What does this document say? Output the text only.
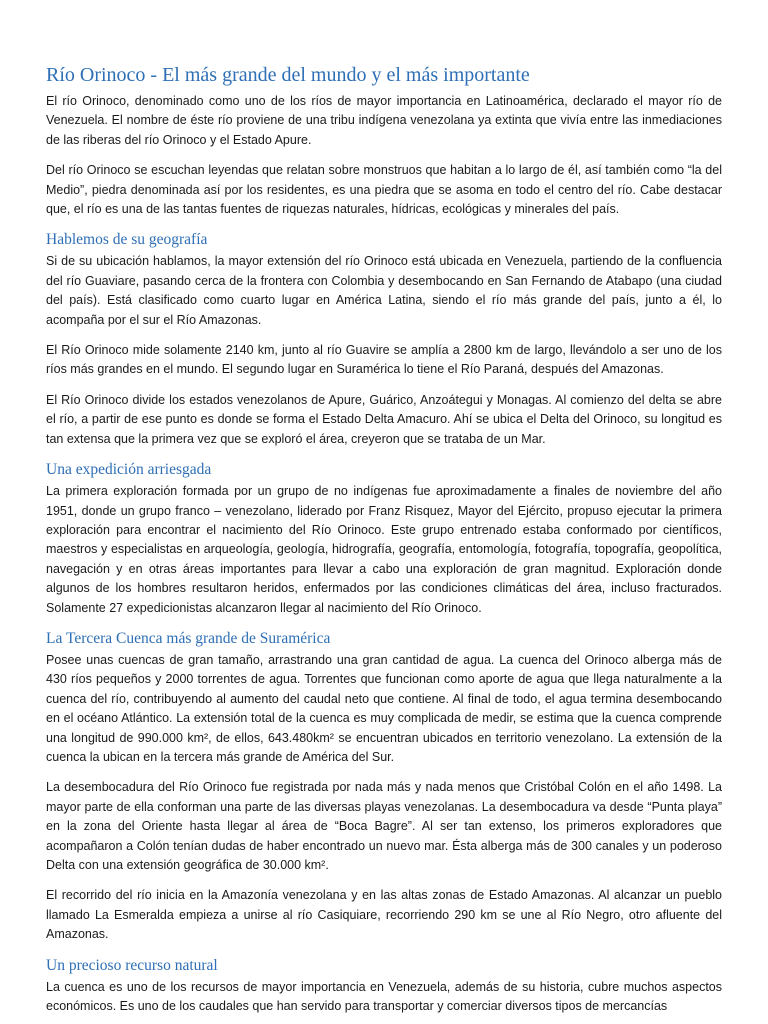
Río Orinoco - El más grande del mundo y el más importante

El río Orinoco, denominado como uno de los ríos de mayor importancia en Latinoamérica, declarado el mayor río de Venezuela. El nombre de éste río proviene de una tribu indígena venezolana ya extinta que vivía entre las inmediaciones de las riberas del río Orinoco y el Estado Apure.

Del río Orinoco se escuchan leyendas que relatan sobre monstruos que habitan a lo largo de él, así también como “la del Medio”, piedra denominada así por los residentes, es una piedra que se asoma en todo el centro del río. Cabe destacar que, el río es una de las tantas fuentes de riquezas naturales, hídricas, ecológicas y minerales del país.

Hablemos de su geografía

Si de su ubicación hablamos, la mayor extensión del río Orinoco está ubicada en Venezuela, partiendo de la confluencia del río Guaviare, pasando cerca de la frontera con Colombia y desembocando en San Fernando de Atabapo (una ciudad del país). Está clasificado como cuarto lugar en América Latina, siendo el río más grande del país, junto a él, lo acompaña por el sur el Río Amazonas.

El Río Orinoco mide solamente 2140 km, junto al río Guavire se amplía a 2800 km de largo, llevándolo a ser uno de los ríos más grandes en el mundo. El segundo lugar en Suramérica lo tiene el Río Paraná, después del Amazonas.

El Río Orinoco divide los estados venezolanos de Apure, Guárico, Anzoátegui y Monagas. Al comienzo del delta se abre el río, a partir de ese punto es donde se forma el Estado Delta Amacuro. Ahí se ubica el Delta del Orinoco, su longitud es tan extensa que la primera vez que se exploró el área, creyeron que se trataba de un Mar.

Una expedición arriesgada

La primera exploración formada por un grupo de no indígenas fue aproximadamente a finales de noviembre del año 1951, donde un grupo franco – venezolano, liderado por Franz Risquez, Mayor del Ejército, propuso ejecutar la primera exploración para encontrar el nacimiento del Río Orinoco. Este grupo entrenado estaba conformado por científicos, maestros y especialistas en arqueología, geología, hidrografía, geografía, entomología, fotografía, topografía, geopolítica, navegación y en otras áreas importantes para llevar a cabo una exploración de gran magnitud. Exploración donde algunos de los hombres resultaron heridos, enfermados por las condiciones climáticas del área, incluso fracturados. Solamente 27 expedicionistas alcanzaron llegar al nacimiento del Río Orinoco.

La Tercera Cuenca más grande de Suramérica

Posee unas cuencas de gran tamaño, arrastrando una gran cantidad de agua. La cuenca del Orinoco alberga más de 430 ríos pequeños y 2000 torrentes de agua. Torrentes que funcionan como aporte de agua que llega naturalmente a la cuenca del río, contribuyendo al aumento del caudal neto que contiene. Al final de todo, el agua termina desembocando en el océano Atlántico. La extensión total de la cuenca es muy complicada de medir, se estima que la cuenca comprende una longitud de 990.000 km², de ellos, 643.480km² se encuentran ubicados en territorio venezolano. La extensión de la cuenca la ubican en la tercera más grande de América del Sur.

La desembocadura del Río Orinoco fue registrada por nada más y nada menos que Cristóbal Colón en el año 1498. La mayor parte de ella conforman una parte de las diversas playas venezolanas. La desembocadura va desde “Punta playa” en la zona del Oriente hasta llegar al área de “Boca Bagre”. Al ser tan extenso, los primeros exploradores que acompañaron a Colón tenían dudas de haber encontrado un nuevo mar. Ésta alberga más de 300 canales y un poderoso Delta con una extensión geográfica de 30.000 km².

El recorrido del río inicia en la Amazonía venezolana y en las altas zonas de Estado Amazonas. Al alcanzar un pueblo llamado La Esmeralda empieza a unirse al río Casiquiare, recorriendo 290 km se une al Río Negro, otro afluente del Amazonas.

Un precioso recurso natural

La cuenca es uno de los recursos de mayor importancia en Venezuela, además de su historia, cubre muchos aspectos económicos. Es uno de los caudales que han servido para transportar y comerciar diversos tipos de mercancías
